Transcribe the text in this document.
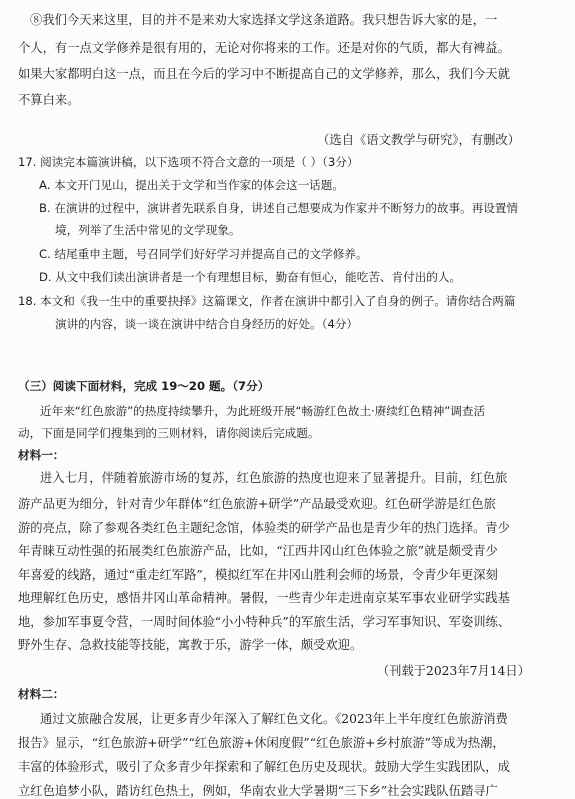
⑧我们今天来这里，目的并不是来劝大家选择文学这条道路。我只想告诉大家的是，一
个人，有一点文学修养是很有用的，无论对你将来的工作。还是对你的气质，都大有裨益。
如果大家都明白这一点，而且在今后的学习中不断提高自己的文学修养，那么，我们今天就
不算白来。
（选自《语文教学与研究》，有删改）
17. 阅读完本篇演讲稿，以下选项不符合文意的一项是（ ）（3分）
A. 本文开门见山，提出关于文学和当作家的体会这一话题。
B. 在演讲的过程中，演讲者先联系自身，讲述自己想要成为作家并不断努力的故事。再设置情
境，列举了生活中常见的文学现象。
C. 结尾重申主题，号召同学们好好学习并提高自己的文学修养。
D. 从文中我们读出演讲者是一个有理想目标，勤奋有恒心，能吃苦、肯付出的人。
18. 本文和《我一生中的重要抉择》这篇课文，作者在演讲中都引入了自身的例子。请你结合两篇
演讲的内容，谈一谈在演讲中结合自身经历的好处。（4分）
（三）阅读下面材料，完成 19～20 题。（7分）
近年来“红色旅游”的热度持续攀升，为此班级开展“畅游红色故土·赓续红色精神”调查活
动，下面是同学们搜集到的三则材料，请你阅读后完成题。
材料一：
进入七月，伴随着旅游市场的复苏，红色旅游的热度也迎来了显著提升。目前，红色旅
游产品更为细分，针对青少年群体“红色旅游+研学”产品最受欢迎。红色研学游是红色旅
游的亮点，除了参观各类红色主题纪念馆，体验类的研学产品也是青少年的热门选择。青少
年青睐互动性强的拓展类红色旅游产品，比如，“江西井冈山红色体验之旅”就是颇受青少
年喜爱的线路，通过“重走红军路”，模拟红军在井冈山胜利会师的场景，令青少年更深刻
地理解红色历史，感悟井冈山革命精神。暑假，一些青少年走进南京某军事农业研学实践基
地，参加军事夏令营，一周时间体验“小小特种兵”的军旅生活，学习军事知识、军姿训练、
野外生存、急救技能等技能，寓教于乐，游学一体，颇受欢迎。
（刊载于2023年7月14日）
材料二：
通过文旅融合发展，让更多青少年深入了解红色文化。《2023年上半年度红色旅游消费
报告》显示，“红色旅游+研学”“红色旅游+休闲度假”“红色旅游+乡村旅游”等成为热潮，
丰富的体验形式，吸引了众多青少年探索和了解红色历史及现状。鼓励大学生实践团队，成
立红色追梦小队，踏访红色热土，例如，华南农业大学暑期“三下乡”社会实践队伍踏寻广
